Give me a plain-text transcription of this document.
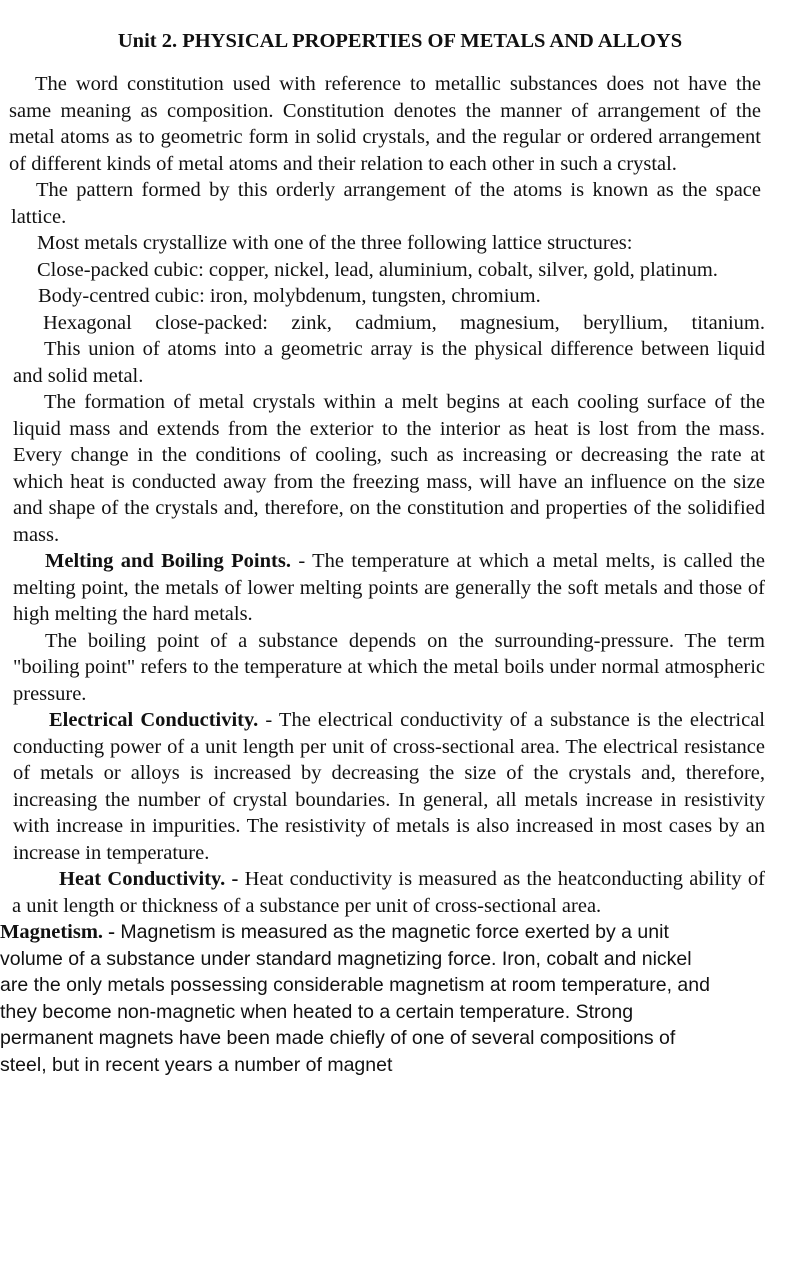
Unit 2. PHYSICAL PROPERTIES OF METALS AND ALLOYS

The word constitution used with reference to metallic substances does not have the same meaning as composition. Constitution denotes the manner of arrangement of the metal atoms as to geometric form in solid crystals, and the regular or ordered arrangement of different kinds of metal atoms and their relation to each other in such a crystal.

The pattern formed by this orderly arrangement of the atoms is known as the space lattice.

Most metals crystallize with one of the three following lattice structures:

Close-packed cubic: copper, nickel, lead, aluminium, cobalt, silver, gold, platinum.

Body-centred cubic: iron, molybdenum, tungsten, chromium.

Hexagonal close-packed: zink, cadmium, magnesium, beryllium, titanium.

This union of atoms into a geometric array is the physical difference between liquid and solid metal.

The formation of metal crystals within a melt begins at each cooling surface of the liquid mass and extends from the exterior to the interior as heat is lost from the mass. Every change in the conditions of cooling, such as increasing or decreasing the rate at which heat is conducted away from the freezing mass, will have an influence on the size and shape of the crystals and, therefore, on the constitution and properties of the solidified mass.

Melting and Boiling Points. - The temperature at which a metal melts, is called the melting point, the metals of lower melting points are generally the soft metals and those of high melting the hard metals.

The boiling point of a substance depends on the surrounding-pressure. The term "boiling point" refers to the temperature at which the metal boils under normal atmospheric pressure.

Electrical Conductivity. - The electrical conductivity of a substance is the electrical conducting power of a unit length per unit of cross-sectional area. The electrical resistance of metals or alloys is increased by decreasing the size of the crystals and, therefore, increasing the number of crystal boundaries. In general, all metals increase in resistivity with increase in impurities. The resistivity of metals is also increased in most cases by an increase in temperature.

Heat Conductivity. - Heat conductivity is measured as the heatconducting ability of a unit length or thickness of a substance per unit of cross-sectional area.

Magnetism. - Magnetism is measured as the magnetic force exerted by a unit volume of a substance under standard magnetizing force. Iron, cobalt and nickel are the only metals possessing considerable magnetism at room temperature, and they become non-magnetic when heated to a certain temperature. Strong permanent magnets have been made chiefly of one of several compositions of steel, but in recent years a number of magnet
